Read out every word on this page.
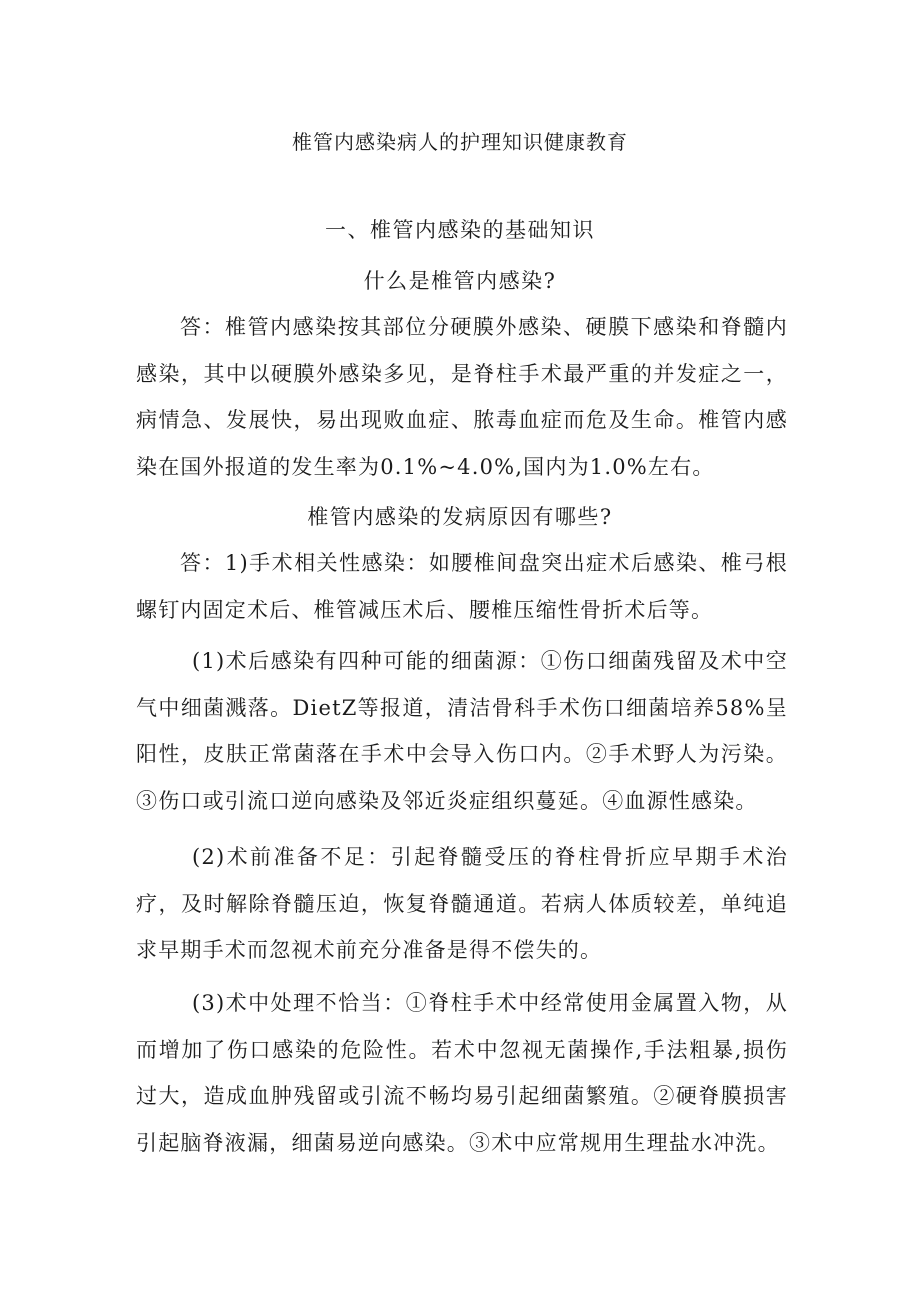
椎管内感染病人的护理知识健康教育
一、椎管内感染的基础知识
什么是椎管内感染?

答：椎管内感染按其部位分硬膜外感染、硬膜下感染和脊髓内感染，其中以硬膜外感染多见，是脊柱手术最严重的并发症之一，病情急、发展快，易出现败血症、脓毒血症而危及生命。椎管内感染在国外报道的发生率为0.1%~4.0%,国内为1.0%左右。

椎管内感染的发病原因有哪些?

答：1)手术相关性感染：如腰椎间盘突出症术后感染、椎弓根螺钉内固定术后、椎管减压术后、腰椎压缩性骨折术后等。

(1)术后感染有四种可能的细菌源：①伤口细菌残留及术中空气中细菌溅落。DietZ等报道，清洁骨科手术伤口细菌培养58%呈阳性，皮肤正常菌落在手术中会导入伤口内。②手术野人为污染。③伤口或引流口逆向感染及邻近炎症组织蔓延。④血源性感染。

(2)术前准备不足：引起脊髓受压的脊柱骨折应早期手术治疗，及时解除脊髓压迫，恢复脊髓通道。若病人体质较差，单纯追求早期手术而忽视术前充分准备是得不偿失的。

(3)术中处理不恰当：①脊柱手术中经常使用金属置入物，从而增加了伤口感染的危险性。若术中忽视无菌操作,手法粗暴,损伤过大，造成血肿残留或引流不畅均易引起细菌繁殖。②硬脊膜损害引起脑脊液漏，细菌易逆向感染。③术中应常规用生理盐水冲洗。
